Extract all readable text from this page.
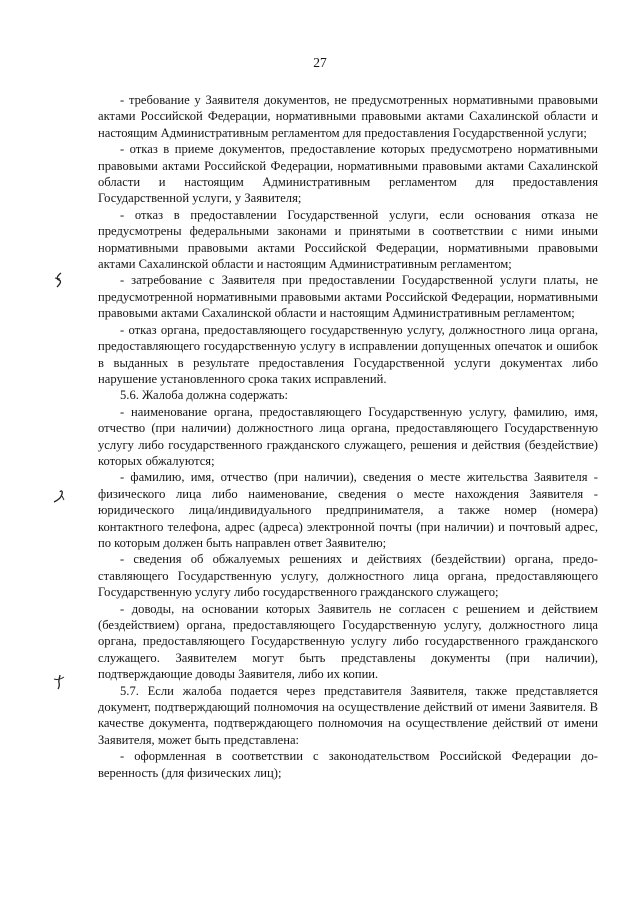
27

- требование у Заявителя документов, не предусмотренных нормативными правовыми актами Российской Федерации, нормативными правовыми актами Сахалинской области и настоящим Административным регламентом для предоставления Государственной услуги;

- отказ в приеме документов, предоставление которых предусмотрено нормативными правовыми актами Российской Федерации, нормативными правовыми актами Сахалинской области и настоящим Административным регламентом для предоставления Государственной услуги, у Заявителя;

- отказ в предоставлении Государственной услуги, если основания отказа не предусмотрены федеральными законами и принятыми в соответствии с ними иными нормативными правовыми актами Российской Федерации, нормативными правовыми актами Сахалинской области и настоящим Административным регламентом;

- затребование с Заявителя при предоставлении Государственной услуги платы, не предусмотренной нормативными правовыми актами Российской Федерации, нормативными правовыми актами Сахалинской области и настоящим Административным регламентом;

- отказ органа, предоставляющего государственную услугу, должностного лица органа, предоставляющего государственную услугу в исправлении допущенных опечаток и ошибок в выданных в результате предоставления Государственной услуги документах либо нарушение установленного срока таких исправлений.

5.6. Жалоба должна содержать:

- наименование органа, предоставляющего Государственную услугу, фамилию, имя, отчество (при наличии) должностного лица органа, предоставляющего Государственную услугу либо государственного гражданского служащего, решения и действия (бездействие) которых обжалуются;

- фамилию, имя, отчество (при наличии), сведения о месте жительства Заявителя - физического лица либо наименование, сведения о месте нахождения Заявителя - юридического лица/индивидуального предпринимателя, а также номер (номера) контактного телефона, адрес (адреса) электронной почты (при наличии) и почтовый адрес, по которым должен быть направлен ответ Заявителю;

- сведения об обжалуемых решениях и действиях (бездействии) органа, предоставляющего Государственную услугу, должностного лица органа, предоставляющего Государственную услугу либо государственного гражданского служащего;

- доводы, на основании которых Заявитель не согласен с решением и действием (бездействием) органа, предоставляющего Государственную услугу, должностного лица органа, предоставляющего Государственную услугу либо государственного гражданского служащего. Заявителем могут быть представлены документы (при наличии), подтверждающие доводы Заявителя, либо их копии.

5.7. Если жалоба подается через представителя Заявителя, также представляется документ, подтверждающий полномочия на осуществление действий от имени Заявителя. В качестве документа, подтверждающего полномочия на осуществление действий от имени Заявителя, может быть представлена:

- оформленная в соответствии с законодательством Российской Федерации доверенность (для физических лиц);
